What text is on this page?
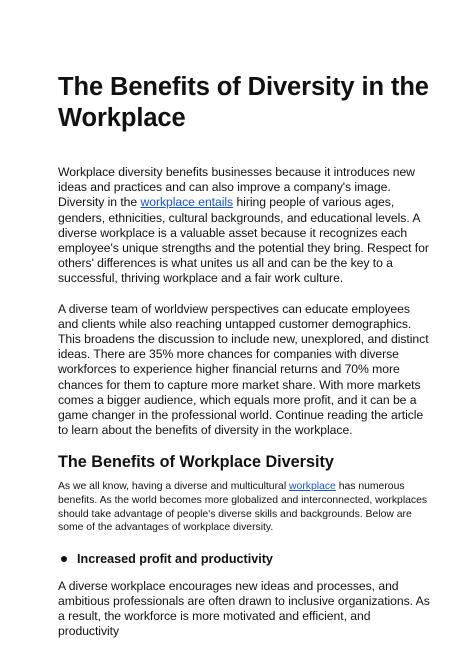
The Benefits of Diversity in the Workplace

Workplace diversity benefits businesses because it introduces new ideas and practices and can also improve a company's image. Diversity in the workplace entails hiring people of various ages, genders, ethnicities, cultural backgrounds, and educational levels. A diverse workplace is a valuable asset because it recognizes each employee's unique strengths and the potential they bring. Respect for others' differences is what unites us all and can be the key to a successful, thriving workplace and a fair work culture.

A diverse team of worldview perspectives can educate employees and clients while also reaching untapped customer demographics. This broadens the discussion to include new, unexplored, and distinct ideas. There are 35% more chances for companies with diverse workforces to experience higher financial returns and 70% more chances for them to capture more market share. With more markets comes a bigger audience, which equals more profit, and it can be a game changer in the professional world. Continue reading the article to learn about the benefits of diversity in the workplace.

The Benefits of Workplace Diversity

As we all know, having a diverse and multicultural workplace has numerous benefits. As the world becomes more globalized and interconnected, workplaces should take advantage of people's diverse skills and backgrounds. Below are some of the advantages of workplace diversity.

Increased profit and productivity

A diverse workplace encourages new ideas and processes, and ambitious professionals are often drawn to inclusive organizations. As a result, the workforce is more motivated and efficient, and productivity
